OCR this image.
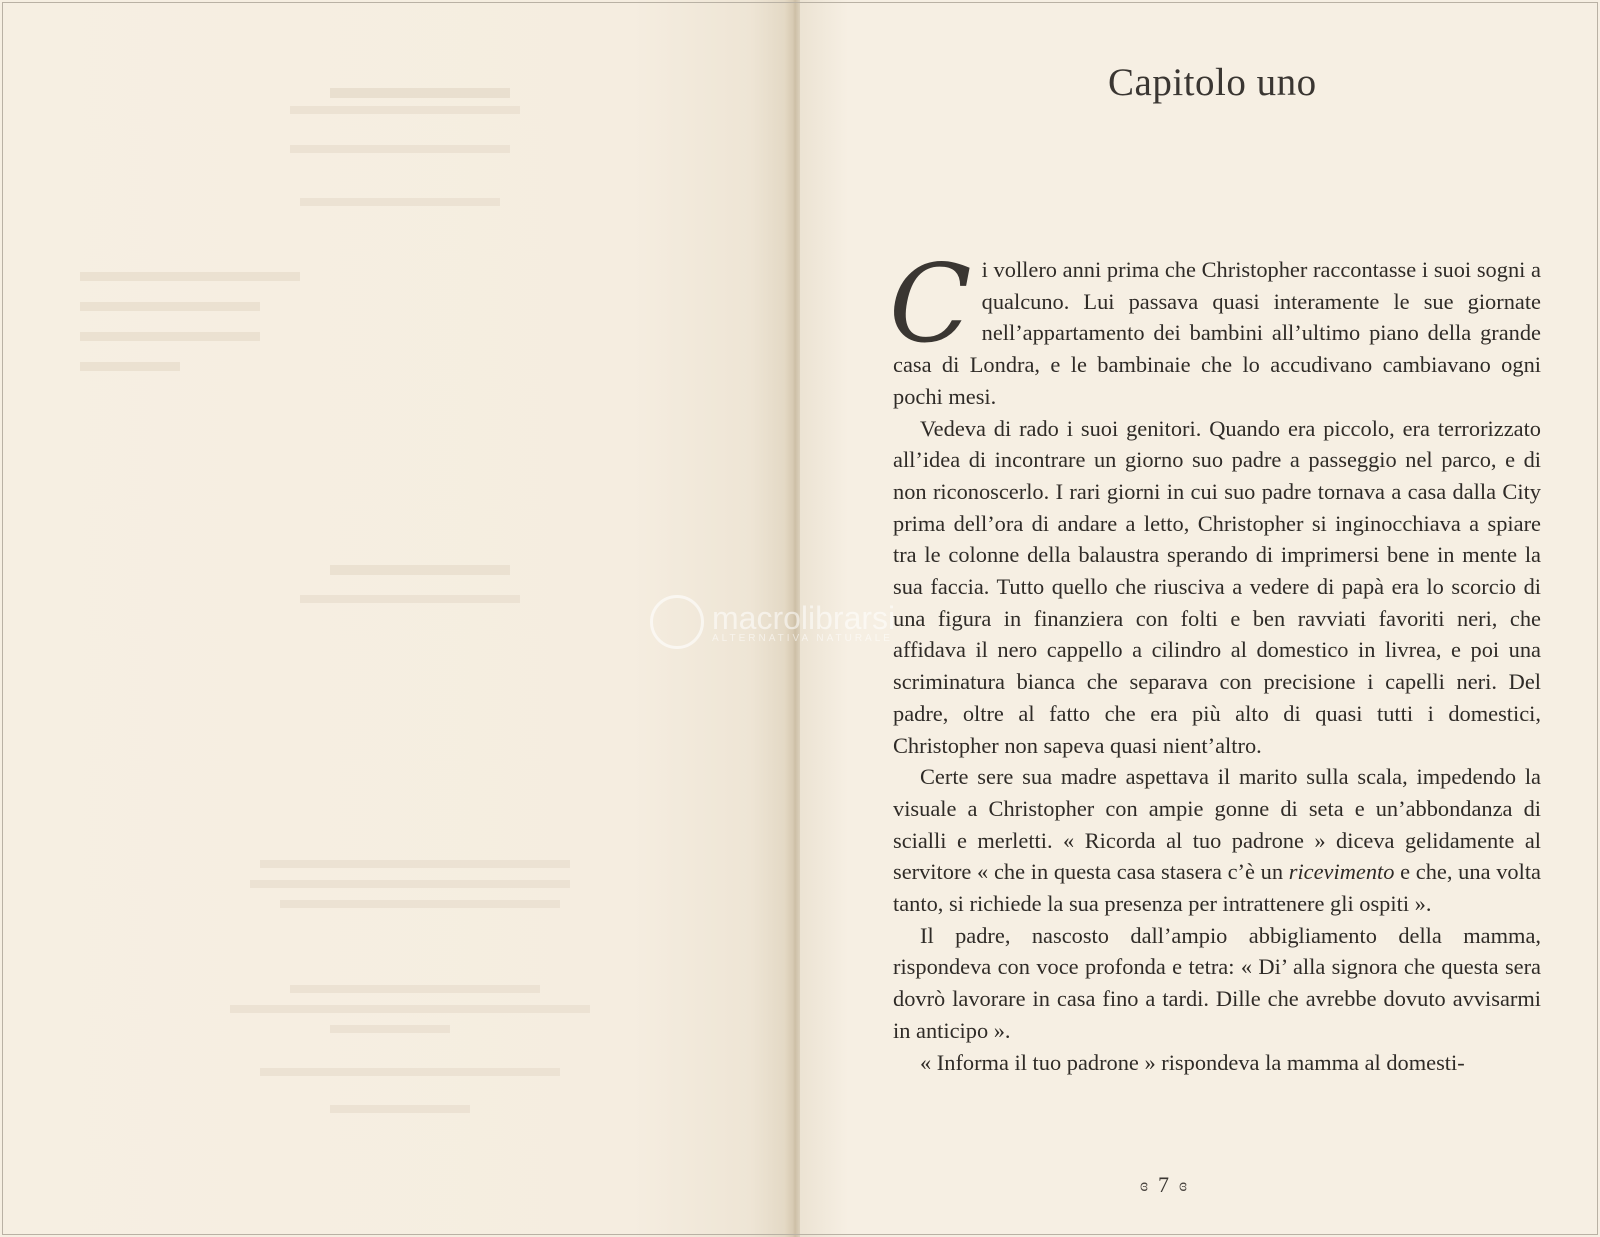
Capitolo uno

Ci vollero anni prima che Christopher raccontasse i suoi sogni a qualcuno. Lui passava quasi interamente le sue giornate nell’appartamento dei bambini all’ultimo piano della grande casa di Londra, e le bambinaie che lo accudivano cambiavano ogni pochi mesi.

Vedeva di rado i suoi genitori. Quando era piccolo, era terrorizzato all’idea di incontrare un giorno suo padre a passeggio nel parco, e di non riconoscerlo. I rari giorni in cui suo padre tornava a casa dalla City prima dell’ora di andare a letto, Christopher si inginocchiava a spiare tra le colonne della balaustra sperando di imprimersi bene in mente la sua faccia. Tutto quello che riusciva a vedere di papà era lo scorcio di una figura in finanziera con folti e ben ravviati favoriti neri, che affidava il nero cappello a cilindro al domestico in livrea, e poi una scriminatura bianca che separava con precisione i capelli neri. Del padre, oltre al fatto che era più alto di quasi tutti i domestici, Christopher non sapeva quasi nient’altro.

Certe sere sua madre aspettava il marito sulla scala, impedendo la visuale a Christopher con ampie gonne di seta e un’abbondanza di scialli e merletti. « Ricorda al tuo padrone » diceva gelidamente al servitore « che in questa casa stasera c’è un ricevimento e che, una volta tanto, si richiede la sua presenza per intrattenere gli ospiti ».

Il padre, nascosto dall’ampio abbigliamento della mamma, rispondeva con voce profonda e tetra: « Di’ alla signora che questa sera dovrò lavorare in casa fino a tardi. Dille che avrebbe dovuto avvisarmi in anticipo ».

« Informa il tuo padrone » rispondeva la mamma al domesti-

ɞ 7 ɞ
macrolibrarsi
ALTERNATIVA NATURALE
